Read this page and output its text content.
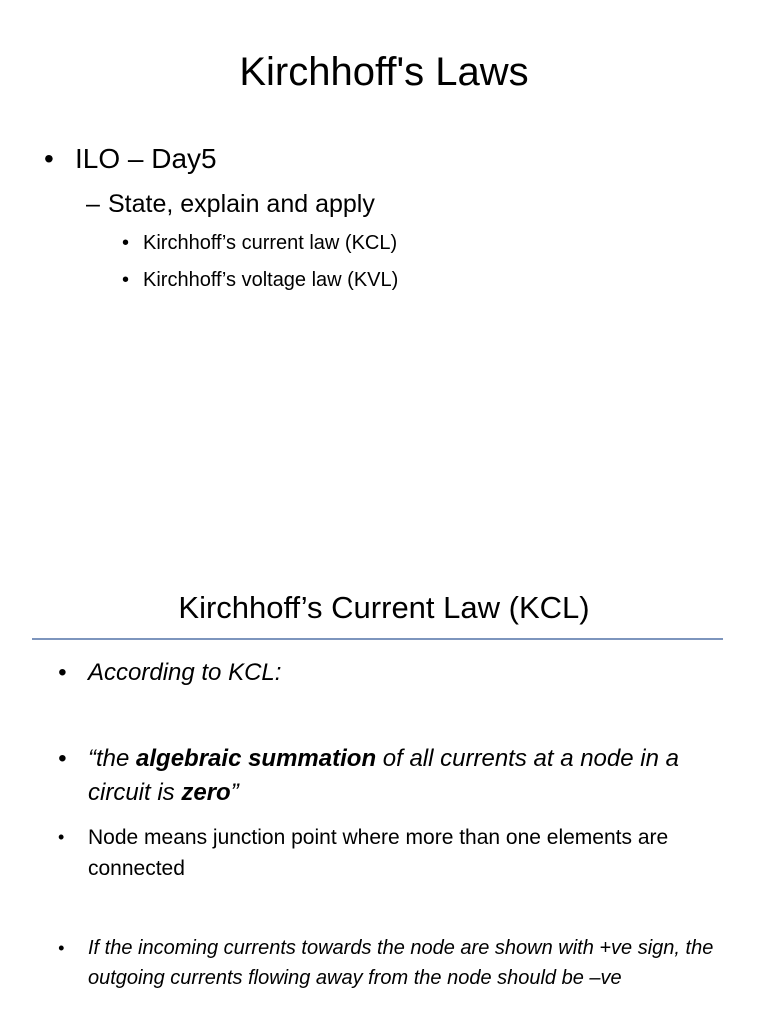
Kirchhoff's Laws
• ILO – Day5
– State, explain and apply
• Kirchhoff’s current law (KCL)
• Kirchhoff’s voltage law (KVL)
Kirchhoff’s Current Law (KCL)
• According to KCL:
• “the algebraic summation of all currents at a node in a circuit is zero”
•	Node means junction point where more than one elements are connected
•	If the incoming currents towards the node are shown with +ve sign, the outgoing currents flowing away from the node should be –ve
